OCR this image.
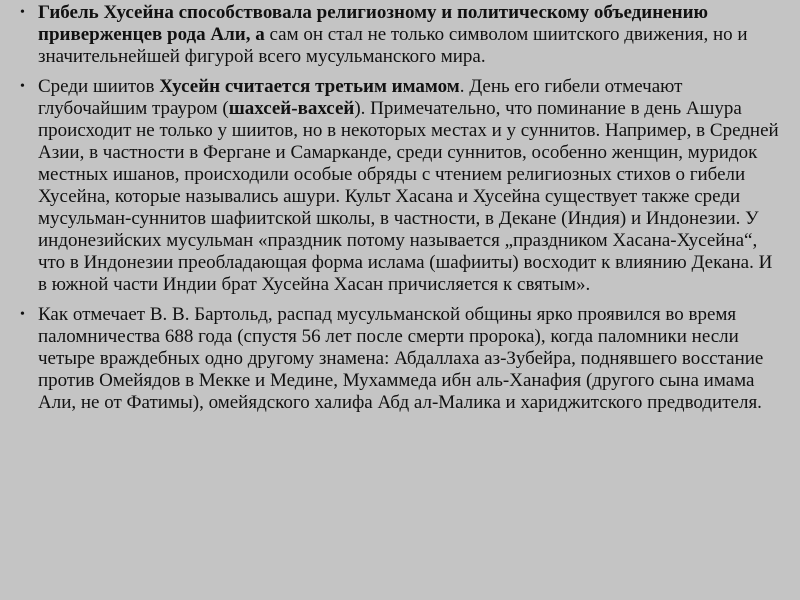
• Гибель Хусейна способствовала религиозному и политическому объединению приверженцев рода Али, а сам он стал не только символом шиитского движения, но и значительнейшей фигурой всего мусульманского мира.
• Среди шиитов Хусейн считается третьим имамом. День его гибели отмечают глубочайшим трауром (шахсей-вахсей). Примечательно, что поминание в день Ашура происходит не только у шиитов, но в некоторых местах и у суннитов. Например, в Средней Азии, в частности в Фергане и Самарканде, среди суннитов, особенно женщин, муридок местных ишанов, происходили особые обряды с чтением религиозных стихов о гибели Хусейна, которые назывались ашури. Культ Хасана и Хусейна существует также среди мусульман-суннитов шафиитской школы, в частности, в Декане (Индия) и Индонезии. У индонезийских мусульман «праздник потому называется „праздником Хасана-Хусейна“, что в Индонезии преобладающая форма ислама (шафииты) восходит к влиянию Декана. И в южной части Индии брат Хусейна Хасан причисляется к святым».
• Как отмечает В. В. Бартольд, распад мусульманской общины ярко проявился во время паломничества 688 года (спустя 56 лет после смерти пророка), когда паломники несли четыре враждебных одно другому знамена: Абдаллаха аз-Зубейра, поднявшего восстание против Омейядов в Мекке и Медине, Мухаммеда ибн аль-Ханафия (другого сына имама Али, не от Фатимы), омейядского халифа Абд ал-Малика и хариджитского предводителя.
